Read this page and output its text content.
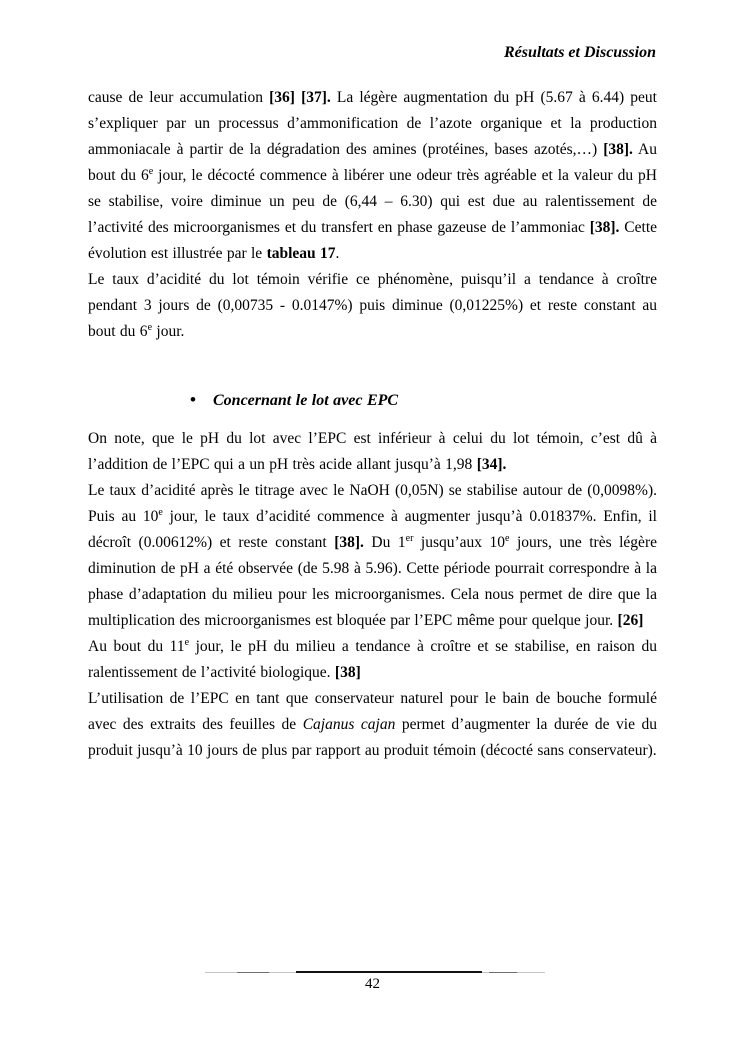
Résultats et Discussion

cause de leur accumulation [36] [37]. La légère augmentation du pH (5.67 à 6.44) peut s’expliquer par un processus d’ammonification de l’azote organique et la production ammoniacale à partir de la dégradation des amines (protéines, bases azotés,…) [38]. Au bout du 6e jour, le décocté commence à libérer une odeur très agréable et la valeur du pH se stabilise, voire diminue un peu de (6,44 – 6.30) qui est due au ralentissement de l’activité des microorganismes et du transfert en phase gazeuse de l’ammoniac [38]. Cette évolution est illustrée par le tableau 17.

Le taux d’acidité du lot témoin vérifie ce phénomène, puisqu’il a tendance à croître pendant 3 jours de (0,00735 - 0.0147%) puis diminue (0,01225%) et reste constant au bout du 6e jour.

• Concernant le lot avec EPC

On note, que le pH du lot avec l’EPC est inférieur à celui du lot témoin, c’est dû à l’addition de l’EPC qui a un pH très acide allant jusqu’à 1,98 [34].

Le taux d’acidité après le titrage avec le NaOH (0,05N) se stabilise autour de (0,0098%). Puis au 10e jour, le taux d’acidité commence à augmenter jusqu’à 0.01837%. Enfin, il décroît (0.00612%) et reste constant [38]. Du 1er jusqu’aux 10e jours, une très légère diminution de pH a été observée (de 5.98 à 5.96). Cette période pourrait correspondre à la phase d’adaptation du milieu pour les microorganismes. Cela nous permet de dire que la multiplication des microorganismes est bloquée par l’EPC même pour quelque jour. [26]

Au bout du 11e jour, le pH du milieu a tendance à croître et se stabilise, en raison du ralentissement de l’activité biologique. [38]

L’utilisation de l’EPC en tant que conservateur naturel pour le bain de bouche formulé avec des extraits des feuilles de Cajanus cajan permet d’augmenter la durée de vie du produit jusqu’à 10 jours de plus par rapport au produit témoin (décocté sans conservateur).

42
